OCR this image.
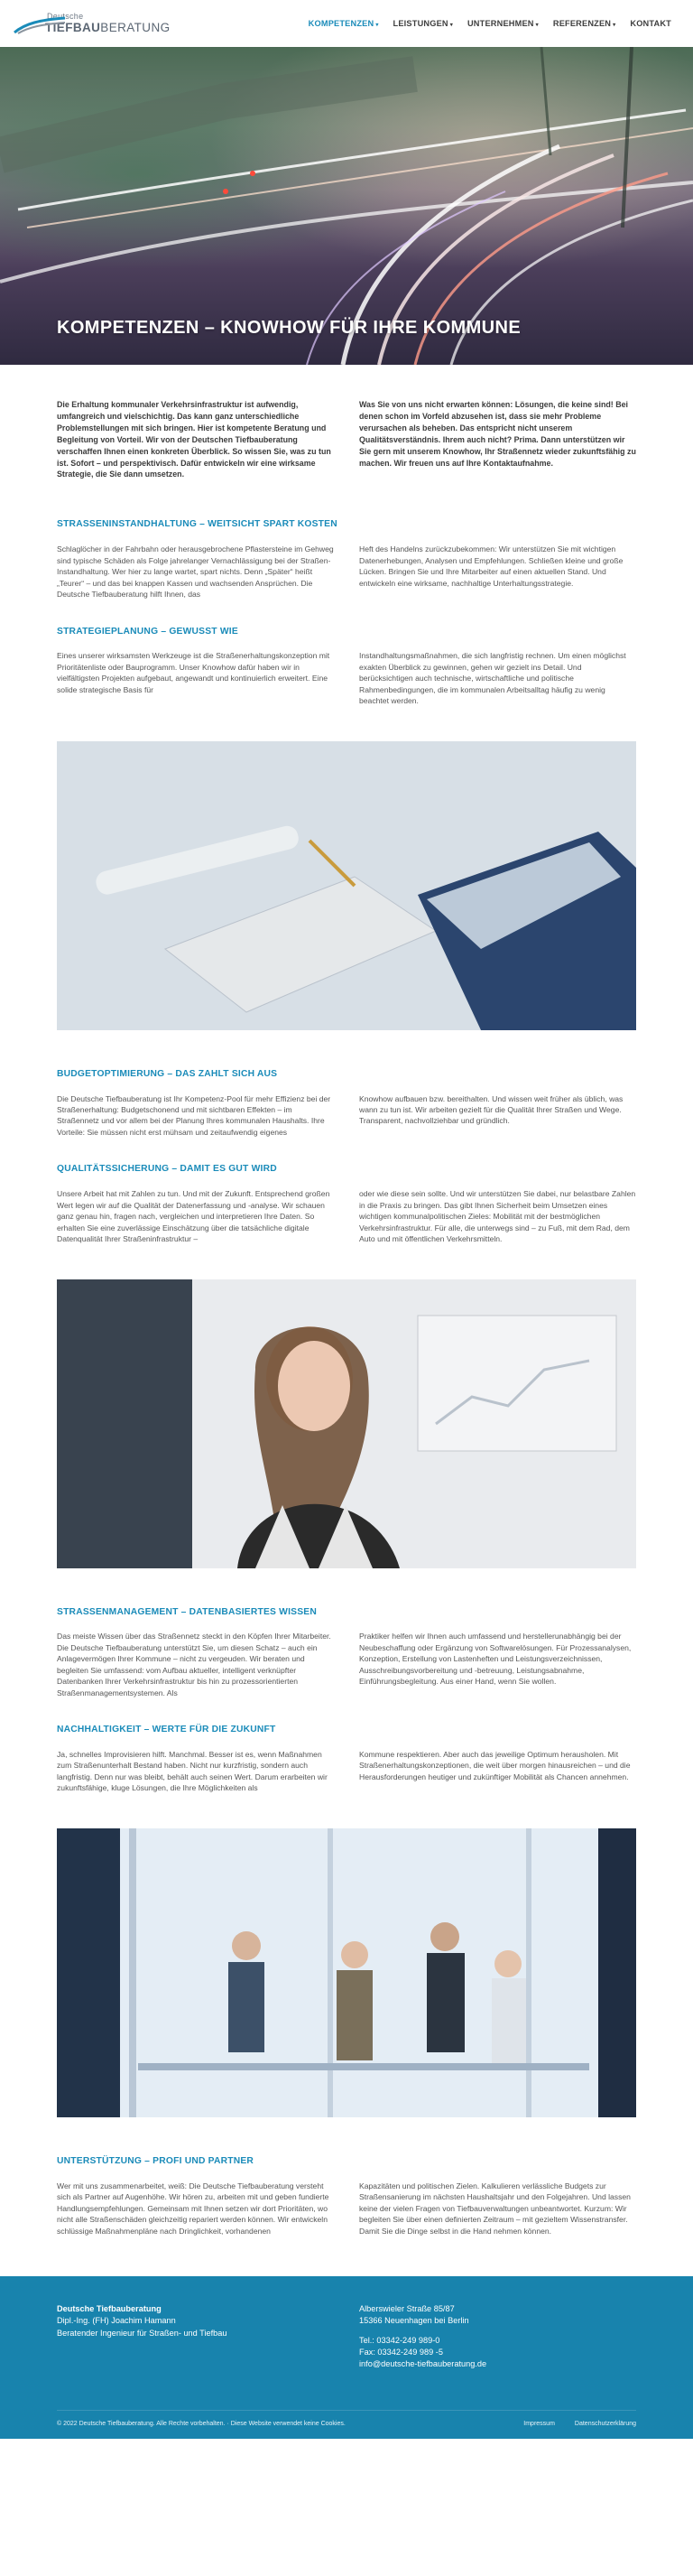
Deutsche
TIEFBAUBERATUNG	KOMPETENZEN ▾	LEISTUNGEN ▾	UNTERNEHMEN ▾	REFERENZEN ▾	KONTAKT
KOMPETENZEN – KNOWHOW FÜR IHRE KOMMUNE

Die Erhaltung kommunaler Verkehrsinfrastruktur ist aufwendig, umfangreich und vielschichtig. Das kann ganz unterschiedliche Problemstellungen mit sich bringen. Hier ist kompetente Beratung und Begleitung von Vorteil. Wir von der Deutschen Tiefbauberatung verschaffen Ihnen einen konkreten Überblick. So wissen Sie, was zu tun ist. Sofort – und perspektivisch. Dafür entwickeln wir eine wirksame Strategie, die Sie dann umsetzen.

Was Sie von uns nicht erwarten können: Lösungen, die keine sind! Bei denen schon im Vorfeld abzusehen ist, dass sie mehr Probleme verursachen als beheben. Das entspricht nicht unserem Qualitätsverständnis. Ihrem auch nicht? Prima. Dann unterstützen wir Sie gern mit unserem Knowhow, Ihr Straßennetz wieder zukunftsfähig zu machen. Wir freuen uns auf Ihre Kontaktaufnahme.

STRASSENINSTANDHALTUNG – WEITSICHT SPART KOSTEN

Schlaglöcher in der Fahrbahn oder herausgebrochene Pflastersteine im Gehweg sind typische Schäden als Folge jahrelanger Vernachlässigung bei der Straßen-Instandhaltung. Wer hier zu lange wartet, spart nichts. Denn „Später“ heißt „Teurer“ – und das bei knappen Kassen und wachsenden Ansprüchen. Die Deutsche Tiefbauberatung hilft Ihnen, das

Heft des Handelns zurückzubekommen: Wir unterstützen Sie mit wichtigen Datenerhebungen, Analysen und Empfehlungen. Schließen kleine und große Lücken. Bringen Sie und Ihre Mitarbeiter auf einen aktuellen Stand. Und entwickeln eine wirksame, nachhaltige Unterhaltungsstrategie.

STRATEGIEPLANUNG – GEWUSST WIE

Eines unserer wirksamsten Werkzeuge ist die Straßenerhaltungskonzeption mit Prioritätenliste oder Bauprogramm. Unser Knowhow dafür haben wir in vielfältigsten Projekten aufgebaut, angewandt und kontinuierlich erweitert. Eine solide strategische Basis für

Instandhaltungsmaßnahmen, die sich langfristig rechnen. Um einen möglichst exakten Überblick zu gewinnen, gehen wir gezielt ins Detail. Und berücksichtigen auch technische, wirtschaftliche und politische Rahmenbedingungen, die im kommunalen Arbeitsalltag häufig zu wenig beachtet werden.

BUDGETOPTIMIERUNG – DAS ZAHLT SICH AUS

Die Deutsche Tiefbauberatung ist Ihr Kompetenz-Pool für mehr Effizienz bei der Straßenerhaltung: Budgetschonend und mit sichtbaren Effekten – im Straßennetz und vor allem bei der Planung Ihres kommunalen Haushalts. Ihre Vorteile: Sie müssen nicht erst mühsam und zeitaufwendig eigenes

Knowhow aufbauen bzw. bereithalten. Und wissen weit früher als üblich, was wann zu tun ist. Wir arbeiten gezielt für die Qualität Ihrer Straßen und Wege. Transparent, nachvollziehbar und gründlich.

QUALITÄTSSICHERUNG – DAMIT ES GUT WIRD

Unsere Arbeit hat mit Zahlen zu tun. Und mit der Zukunft. Entsprechend großen Wert legen wir auf die Qualität der Datenerfassung und -analyse. Wir schauen ganz genau hin, fragen nach, vergleichen und interpretieren Ihre Daten. So erhalten Sie eine zuverlässige Einschätzung über die tatsächliche digitale Datenqualität Ihrer Straßeninfrastruktur –

oder wie diese sein sollte. Und wir unterstützen Sie dabei, nur belastbare Zahlen in die Praxis zu bringen. Das gibt Ihnen Sicherheit beim Umsetzen eines wichtigen kommunalpolitischen Zieles: Mobilität mit der bestmöglichen Verkehrsinfrastruktur. Für alle, die unterwegs sind – zu Fuß, mit dem Rad, dem Auto und mit öffentlichen Verkehrsmitteln.

STRASSENMANAGEMENT – DATENBASIERTES WISSEN

Das meiste Wissen über das Straßennetz steckt in den Köpfen Ihrer Mitarbeiter. Die Deutsche Tiefbauberatung unterstützt Sie, um diesen Schatz – auch ein Anlagevermögen Ihrer Kommune – nicht zu vergeuden. Wir beraten und begleiten Sie umfassend: vom Aufbau aktueller, intelligent verknüpfter Datenbanken Ihrer Verkehrsinfrastruktur bis hin zu prozessorientierten Straßenmanagementsystemen. Als

Praktiker helfen wir Ihnen auch umfassend und herstellerunabhängig bei der Neubeschaffung oder Ergänzung von Softwarelösungen. Für Prozessanalysen, Konzeption, Erstellung von Lastenheften und Leistungsverzeichnissen, Ausschreibungsvorbereitung und -betreuung, Leistungsabnahme, Einführungsbegleitung. Aus einer Hand, wenn Sie wollen.

NACHHALTIGKEIT – WERTE FÜR DIE ZUKUNFT

Ja, schnelles Improvisieren hilft. Manchmal. Besser ist es, wenn Maßnahmen zum Straßenunterhalt Bestand haben. Nicht nur kurzfristig, sondern auch langfristig. Denn nur was bleibt, behält auch seinen Wert. Darum erarbeiten wir zukunftsfähige, kluge Lösungen, die Ihre Möglichkeiten als

Kommune respektieren. Aber auch das jeweilige Optimum herausholen. Mit Straßenerhaltungskonzeptionen, die weit über morgen hinausreichen – und die Herausforderungen heutiger und zukünftiger Mobilität als Chancen annehmen.

UNTERSTÜTZUNG – PROFI UND PARTNER

Wer mit uns zusammenarbeitet, weiß: Die Deutsche Tiefbauberatung versteht sich als Partner auf Augenhöhe. Wir hören zu, arbeiten mit und geben fundierte Handlungsempfehlungen. Gemeinsam mit Ihnen setzen wir dort Prioritäten, wo nicht alle Straßenschäden gleichzeitig repariert werden können. Wir entwickeln schlüssige Maßnahmenpläne nach Dringlichkeit, vorhandenen

Kapazitäten und politischen Zielen. Kalkulieren verlässliche Budgets zur Straßensanierung im nächsten Haushaltsjahr und den Folgejahren. Und lassen keine der vielen Fragen von Tiefbauverwaltungen unbeantwortet. Kurzum: Wir begleiten Sie über einen definierten Zeitraum – mit gezieltem Wissenstransfer. Damit Sie die Dinge selbst in die Hand nehmen können.

Deutsche Tiefbauberatung
Dipl.-Ing. (FH) Joachim Hamann
Beratender Ingenieur für Straßen- und Tiefbau
Alberswieler Straße 85/87
15366 Neuenhagen bei Berlin
Tel.: 03342-249 989-0
Fax: 03342-249 989 -5
info@deutsche-tiefbauberatung.de
© 2022 Deutsche Tiefbauberatung. Alle Rechte vorbehalten. · Diese Website verwendet keine Cookies.	Impressum	Datenschutzerklärung
